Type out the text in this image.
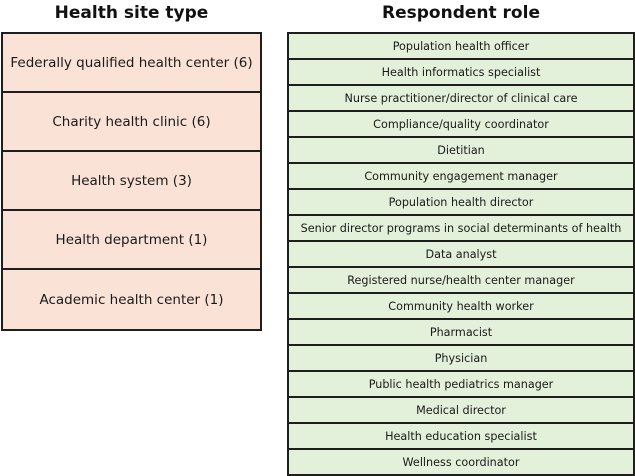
Health site type	Respondent role
Federally qualified health center (6)
Charity health clinic (6)
Health system (3)
Health department (1)
Academic health center (1)
Population health officer
Health informatics specialist
Nurse practitioner/director of clinical care
Compliance/quality coordinator
Dietitian
Community engagement manager
Population health director
Senior director programs in social determinants of health
Data analyst
Registered nurse/health center manager
Community health worker
Pharmacist
Physician
Public health pediatrics manager
Medical director
Health education specialist
Wellness coordinator
